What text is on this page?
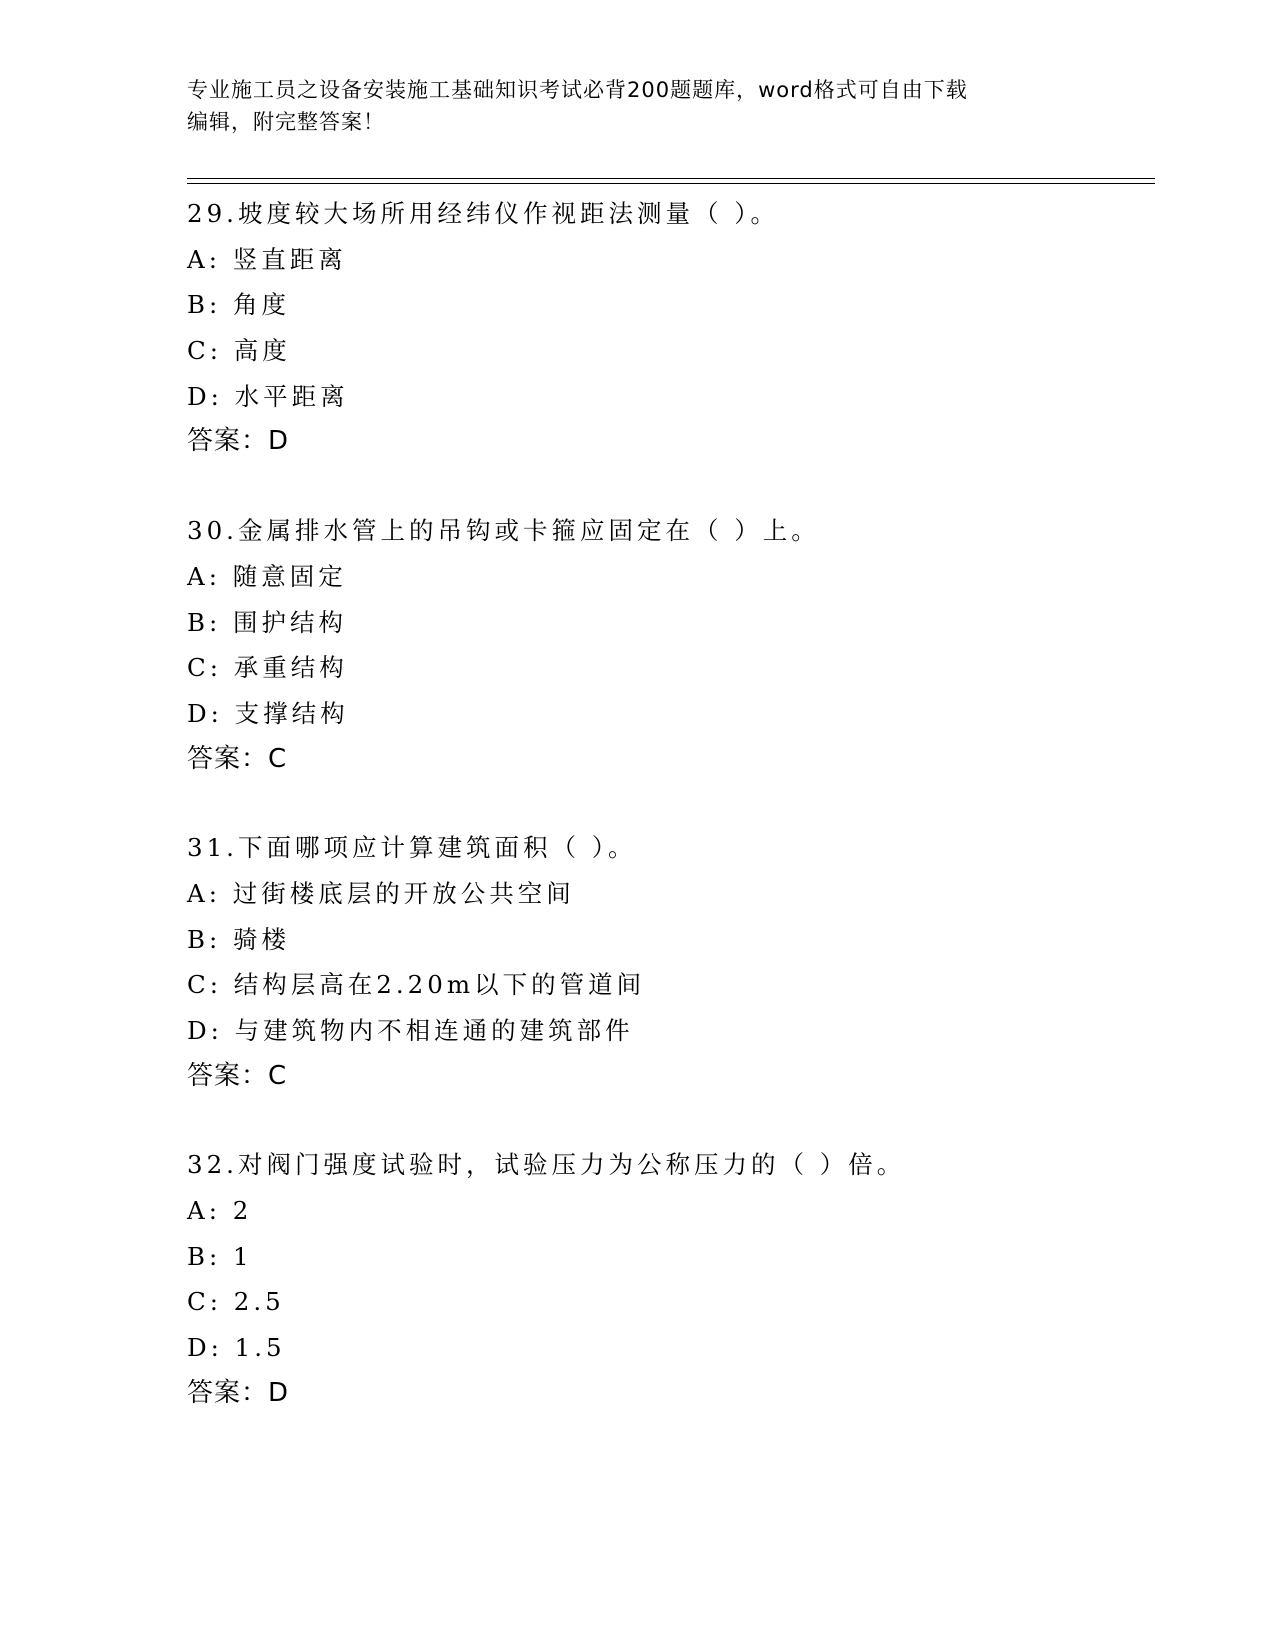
专业施工员之设备安装施工基础知识考试必背200题题库，word格式可自由下载
编辑，附完整答案！
29.坡度较大场所用经纬仪作视距法测量（ ）。
A: 竖直距离
B: 角度
C: 高度
D: 水平距离
答案：D
30.金属排水管上的吊钩或卡箍应固定在（ ）上。
A: 随意固定
B: 围护结构
C: 承重结构
D: 支撑结构
答案：C
31.下面哪项应计算建筑面积（ ）。
A: 过街楼底层的开放公共空间
B: 骑楼
C: 结构层高在2.20m以下的管道间
D: 与建筑物内不相连通的建筑部件
答案：C
32.对阀门强度试验时，试验压力为公称压力的（ ）倍。
A: 2
B: 1
C: 2.5
D: 1.5
答案：D
